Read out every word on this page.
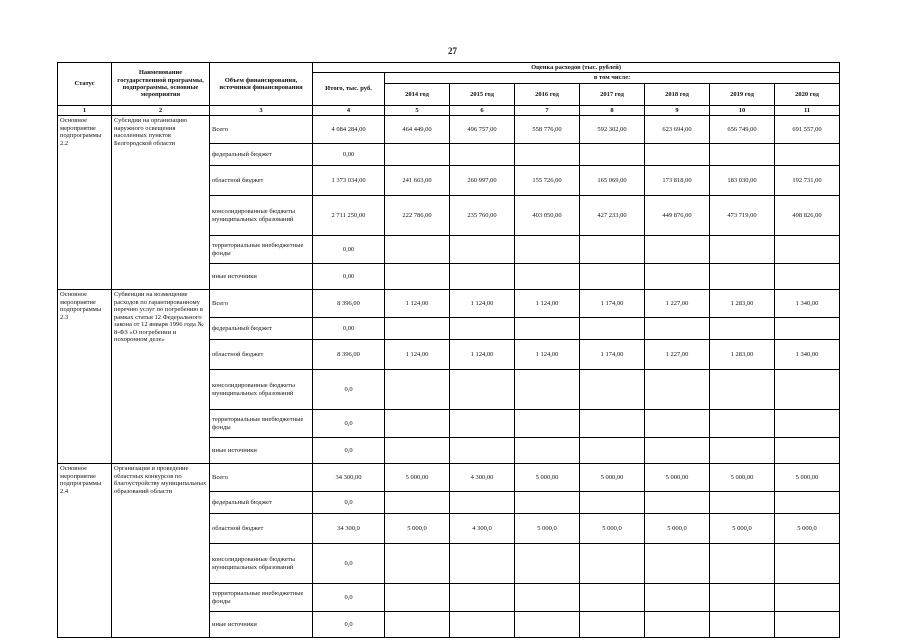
27
Статус	Наименование государственной программы, подпрограммы, основные мероприятия	Объем финансирования, источники финансирования	Оценка расходов (тыс. рублей)							
			Итого, тыс. руб.	в том числе:						
				2014 год	2015 год	2016 год	2017 год	2018 год	2019 год	2020 год
1	2	3	4	5	6	7	8	9	10	11
Основное мероприятие подпрограммы 2.2	Субсидии на организацию наружного освещения населенных пунктов Белгородской области	Всего	4 084 284,00	464 449,00	496 757,00	558 776,00	592 302,00	623 694,00	656 749,00	691 557,00
		федеральный бюджет	0,00							
		областной бюджет	1 373 034,00	241 663,00	260 997,00	155 726,00	165 069,00	173 818,00	183 030,00	192 731,00
		консолидированные бюджеты муниципальных образований	2 711 250,00	222 786,00	235 760,00	403 050,00	427 233,00	449 876,00	473 719,00	498 826,00
		территориальные внебюджетные фонды	0,00							
		иные источники	0,00							
Основное мероприятие подпрограммы 2.3	Субвенции на возмещение расходов по гарантированному перечню услуг по погребению в рамках статьи 12 Федерального закона от 12 января 1996 года № 8-ФЗ «О погребении и похоронном деле»	Всего	8 396,00	1 124,00	1 124,00	1 124,00	1 174,00	1 227,00	1 283,00	1 340,00
		федеральный бюджет	0,00							
		областной бюджет	8 396,00	1 124,00	1 124,00	1 124,00	1 174,00	1 227,00	1 283,00	1 340,00
		консолидированные бюджеты муниципальных образований	0,0							
		территориальные внебюджетные фонды	0,0							
		иные источники	0,0							
Основное мероприятие подпрограммы 2.4	Организация и проведение областных конкурсов по благоустройству муниципальных образований области	Всего	34 300,00	5 000,00	4 300,00	5 000,00	5 000,00	5 000,00	5 000,00	5 000,00
		федеральный бюджет	0,0							
		областной бюджет	34 300,0	5 000,0	4 300,0	5 000,0	5 000,0	5 000,0	5 000,0	5 000,0
		консолидированные бюджеты муниципальных образований	0,0							
		территориальные внебюджетные фонды	0,0							
		иные источники	0,0							
